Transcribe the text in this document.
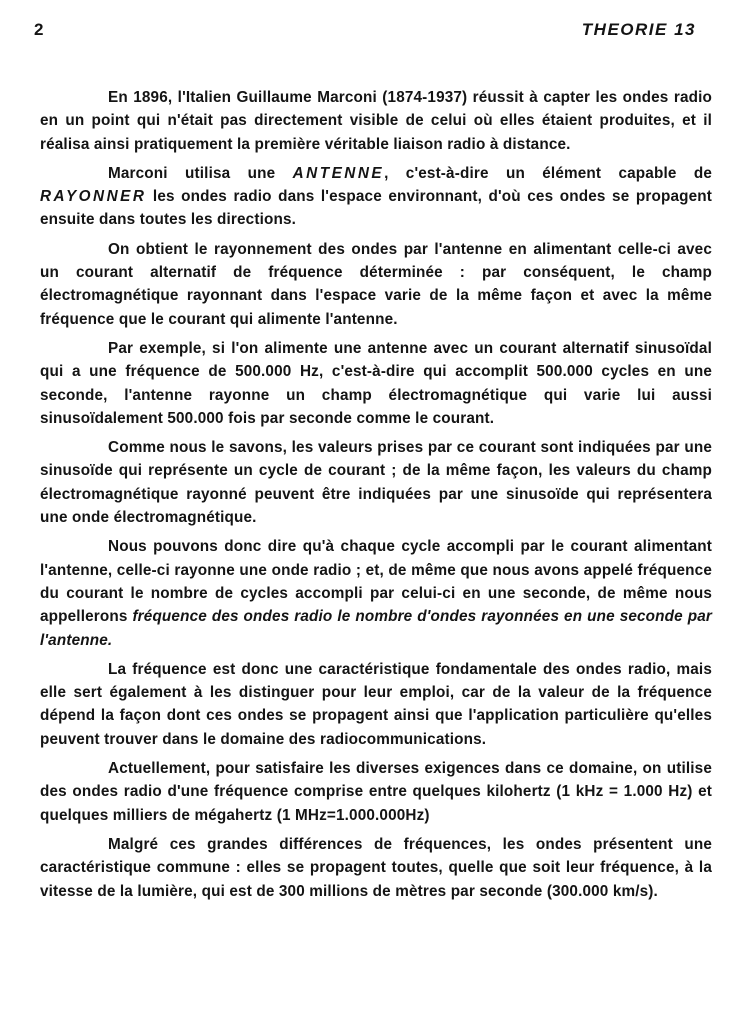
2	THEORIE 13

En 1896, l'Italien Guillaume Marconi (1874-1937) réussit à capter les ondes radio en un point qui n'était pas directement visible de celui où elles étaient produites, et il réalisa ainsi pratiquement la première véritable liaison radio à distance.

Marconi utilisa une ANTENNE, c'est-à-dire un élément capable de RAYONNER les ondes radio dans l'espace environnant, d'où ces ondes se propagent ensuite dans toutes les directions.

On obtient le rayonnement des ondes par l'antenne en alimentant celle-ci avec un courant alternatif de fréquence déterminée : par conséquent, le champ électromagnétique rayonnant dans l'espace varie de la même façon et avec la même fréquence que le courant qui alimente l'antenne.

Par exemple, si l'on alimente une antenne avec un courant alternatif sinusoïdal qui a une fréquence de 500.000 Hz, c'est-à-dire qui accomplit 500.000 cycles en une seconde, l'antenne rayonne un champ électromagnétique qui varie lui aussi sinusoïdalement 500.000 fois par seconde comme le courant.

Comme nous le savons, les valeurs prises par ce courant sont indiquées par une sinusoïde qui représente un cycle de courant ; de la même façon, les valeurs du champ électromagnétique rayonné peuvent être indiquées par une sinusoïde qui représentera une onde électromagnétique.

Nous pouvons donc dire qu'à chaque cycle accompli par le courant alimentant l'antenne, celle-ci rayonne une onde radio ; et, de même que nous avons appelé fréquence du courant le nombre de cycles accompli par celui-ci en une seconde, de même nous appellerons fréquence des ondes radio le nombre d'ondes rayonnées en une seconde par l'antenne.

La fréquence est donc une caractéristique fondamentale des ondes radio, mais elle sert également à les distinguer pour leur emploi, car de la valeur de la fréquence dépend la façon dont ces ondes se propagent ainsi que l'application particulière qu'elles peuvent trouver dans le domaine des radiocommunications.

Actuellement, pour satisfaire les diverses exigences dans ce domaine, on utilise des ondes radio d'une fréquence comprise entre quelques kilohertz (1 kHz = 1.000 Hz) et quelques milliers de mégahertz (1 MHz=1.000.000Hz)

Malgré ces grandes différences de fréquences, les ondes présentent une caractéristique commune : elles se propagent toutes, quelle que soit leur fréquence, à la vitesse de la lumière, qui est de 300 millions de mètres par seconde (300.000 km/s).
